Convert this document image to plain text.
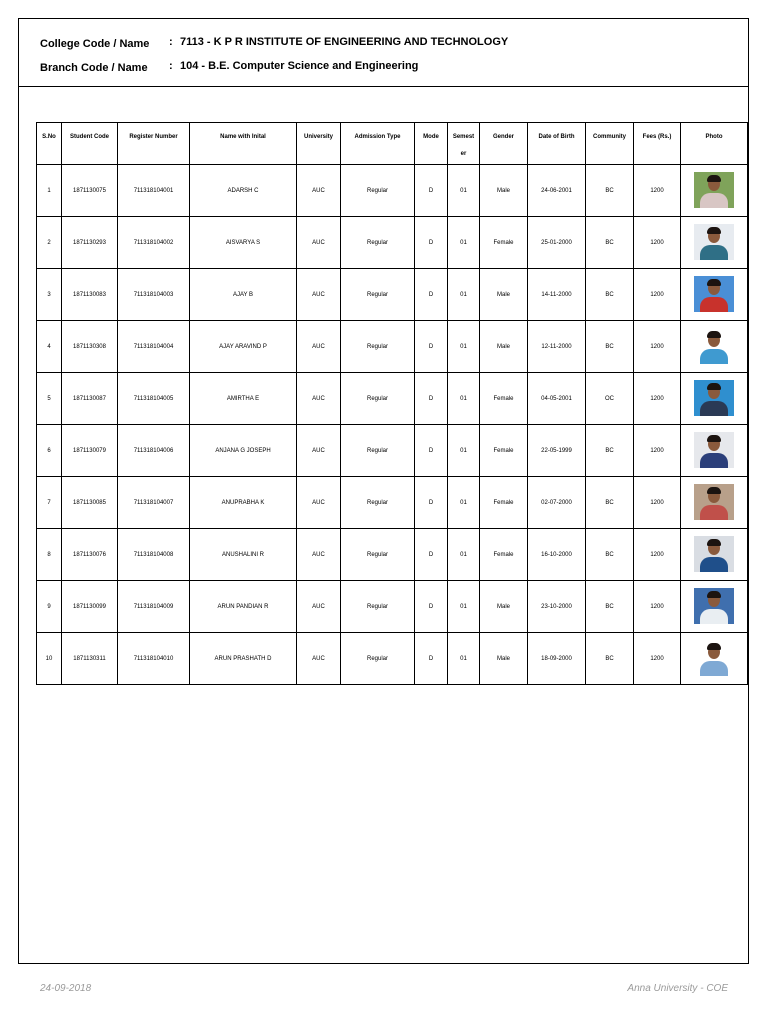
College Code / Name : 7113 - K P R INSTITUTE OF ENGINEERING AND TECHNOLOGY
Branch Code / Name : 104 - B.E. Computer Science and Engineering
S.No	Student Code	Register Number	Name with Inital	University	Admission Type	Mode	Semest er	Gender	Date of Birth	Community	Fees (Rs.)	Photo
1	1871130075	711318104001	ADARSH C	AUC	Regular	D	01	Male	24-06-2001	BC	1200	

2	1871130293	711318104002	AISVARYA S	AUC	Regular	D	01	Female	25-01-2000	BC	1200	

3	1871130083	711318104003	AJAY B	AUC	Regular	D	01	Male	14-11-2000	BC	1200	

4	1871130308	711318104004	AJAY ARAVIND P	AUC	Regular	D	01	Male	12-11-2000	BC	1200	

5	1871130087	711318104005	AMIRTHA E	AUC	Regular	D	01	Female	04-05-2001	OC	1200	

6	1871130079	711318104006	ANJANA G JOSEPH	AUC	Regular	D	01	Female	22-05-1999	BC	1200	

7	1871130085	711318104007	ANUPRABHA K	AUC	Regular	D	01	Female	02-07-2000	BC	1200	

8	1871130076	711318104008	ANUSHALINI R	AUC	Regular	D	01	Female	16-10-2000	BC	1200	

9	1871130099	711318104009	ARUN PANDIAN R	AUC	Regular	D	01	Male	23-10-2000	BC	1200	

10	1871130311	711318104010	ARUN PRASHATH D	AUC	Regular	D	01	Male	18-09-2000	BC	1200	
24-09-2018	Anna University - COE
